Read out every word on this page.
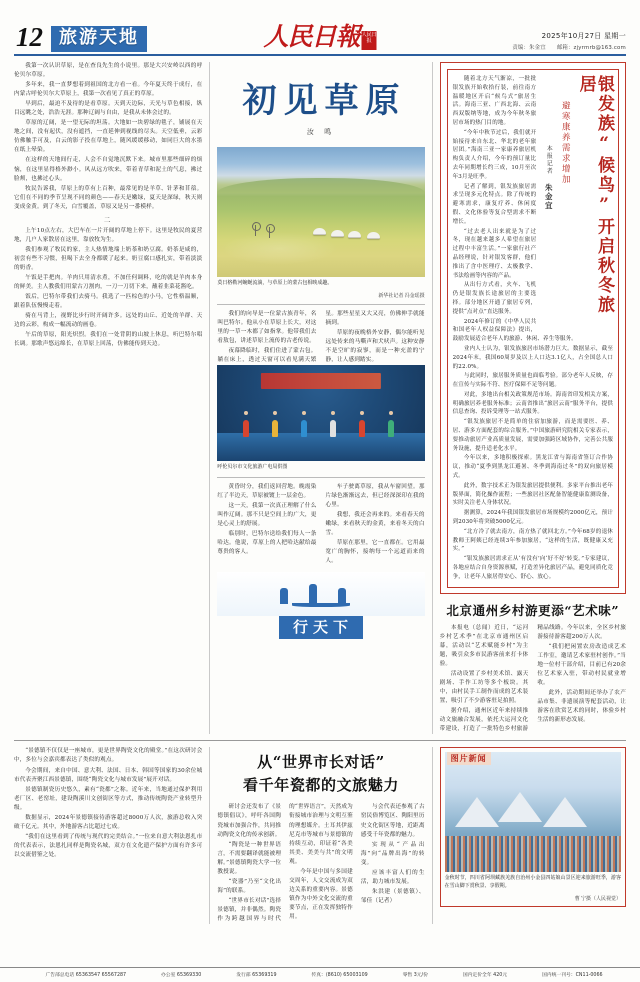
12 旅游天地	人民日報 人民日报
2025年10月27日 星期一
责编：朱金宜 邮箱：zjyrmrb@163.com

我第一次认识草原，是在查良先生的小说里。那是大兴安岭以西的呼伦贝尔草原。

多年来，我一直梦想着到祖国的北方看一看。今年夏天终于成行，在内蒙古呼伦贝尔大草原上，我第一次看见了真正的草原。

早到后，最迫不及待的是看草原。天到天边际，天光与草色相接，纵目远眺之处，浩浩无涯。那种辽阔与自由，是我从未体会过的。

草原的辽阔，是一望无际的坦荡。大地如一块碧绿的毯子，铺展在天地之间，没有起伏，没有遮挡，一直延伸到视线的尽头。天空低垂，云彩仿佛触手可及，白云的影子投在草地上，随风缓缓移动，如同巨大的水墨在纸上晕染。

在这样的天地间行走，人会不自觉地沉默下来。城市里那些细碎的烦恼，在这里显得格外渺小。风从远方吹来，带着青草和泥土的气息，拂过脸颊，也拂过心头。

牧民告诉我，草原上的草有上百种，最常见的是羊草、针茅和苜蓿。它们在不同的季节呈现不同的颜色——春天是嫩绿，夏天是深绿，秋天则变成金黄。到了冬天，白雪覆盖，草原又是另一番模样。

二

上午10点左右，大巴车在一片开阔的草地上停下。这里是牧民的夏营地，几户人家散居在这里，靠放牧为生。

我们参观了牧民的家，主人热情地端上奶茶和奶豆腐。奶茶是咸的，初尝有些不习惯，但喝下去全身都暖了起来。奶豆腐口感扎实，带着淡淡的奶香。

午饭是手把肉。羊肉只用清水煮，不加任何调料，吃的就是羊肉本身的鲜美。主人教我们用蒙古刀割肉，一刀一刀切下来，蘸着韭菜花酱吃。

饭后，巴特尔带我们去骑马。我选了一匹棕色的小马，它性格温顺，跟着队伍慢慢走着。

骑在马背上，视野比步行时开阔许多。远处的山丘、近处的羊群、天边的云彩，构成一幅流动的画卷。

午后的草原，阳光炽烈。我们在一处背阴的山坡上休息，听巴特尔唱长调。那歌声悠远绵长，在草原上回荡，仿佛能传到天边。

初见草原
汝 鸣
莫日格勒河蜿蜒流淌，与草原上的蒙古包相映成趣。
新华社记者 冯金瑶摄

我们的向导是一位蒙古族青年，名叫巴特尔。他从小在草原上长大，对这里的一草一木都了如指掌。他带我们去看敖包，讲述草原上流传的古老传说。

夜幕降临时，我们住进了蒙古包。躺在床上，透过天窗可以看见满天繁星。那些星星又大又亮，仿佛伸手就能摘到。

草原的夜晚格外安静，偶尔能听见远处传来的马嘶声和犬吠声。这种安静不是空旷的寂寥，而是一种充盈的宁静，让人感到踏实。

呼伦贝尔市文化旅游广电局供图

黄昏时分，我们返回营地。晚霞染红了半边天，草原被镀上一层金色。

这一天，我第一次真正理解了什么叫作辽阔。那不只是空间上的广大，更是心灵上的舒展。

临别时，巴特尔送给我们每人一条哈达。他说，草原上的人把哈达献给最尊贵的客人。

车子驶离草原，我从车窗回望。那片绿色渐渐远去，但已经深深印在我的心里。

我想，我还会再来的。来看春天的嫩绿，来看秋天的金黄，来看冬天的白雪。

草原在那里，它一直都在。它用最宽广的胸怀，接纳每一个远道而来的人。

行天下
银发族“候鸟”开启秋冬旅居
避寒康养需求增加
本报记者 朱金宜

随着北方天气渐凉，一批批银发族开始收拾行装，前往南方温暖地区开启“候鸟式”旅居生活。海南三亚、广西北海、云南西双版纳等地，成为今年秋冬旅居市场的热门目的地。

“今年中秋节过后，我们就开始接待来自东北、华北的老年旅居团。”海南三亚一家康养旅居机构负责人介绍，今年的预订量比去年同期增长约三成，10月至次年3月是旺季。

记者了解到，银发族旅居需求呈现多元化特点。除了传统的避寒需求，康复疗养、休闲度假、文化体验等复合型需求不断增长。

“过去老人出来就是为了过冬，现在越来越多人希望在旅居过程中丰富生活。”一家旅行社产品经理说，针对银发客群，他们推出了含中医理疗、太极教学、书法绘画等内容的产品。

从出行方式看，火车、飞机仍是银发族长途旅居的主要选择。部分地区开通了旅居专列，提供“点对点”直达服务。

2024年修订的《中华人民共和国老年人权益保障法》提出，鼓励发展适合老年人的旅游、休闲、养生等服务。

业内人士认为，银发族旅居市场潜力巨大。数据显示，截至2024年末，我国60周岁及以上人口达3.1亿人，占全国总人口的22.0%。

与此同时，旅居服务质量也面临考验。部分老年人反映，存在宣传与实际不符、医疗保障不足等问题。

对此，多地出台相关政策规范市场。海南省印发相关方案，明确旅居养老服务标准；云南省推出“旅居云南”服务平台，提供信息查询、投诉受理等一站式服务。

“银发族旅居不是简单的住宿加旅游，而是需要医、养、居、游多方面配套的综合服务。”中国旅游研究院相关专家表示，要推动旅居产业高质量发展，需要加强跨区域协作，完善公共服务设施，提升适老化水平。

今年以来，多地积极探索。黑龙江省与海南省签订合作协议，推动“夏季到黑龙江避暑、冬季到海南过冬”的双向旅居模式。

此外，数字技术正为银发旅居提供便利。多家平台推出老年版界面，简化操作流程；一些旅居社区配备智能健康监测设备，实时关注老人身体状况。

据测算，2024年我国银发旅居市场规模约2000亿元，预计到2030年将突破5000亿元。

“北方冷了就去南方，南方热了就回北方。”今年68岁的退休教师王阿姨已经连续3年参加旅居，“这样的生活，既健康又充实。”

“银发族旅居需求正从‘有没有’向‘好不好’转变。”专家建议，各地应结合自身资源禀赋，打造差异化旅居产品，避免同质化竞争，让老年人旅居得安心、舒心、放心。

北京通州乡村游更添“艺术味”

本报电（总闻）近日，“运河乡村艺术季”在北京市通州区启幕，活动以“艺术赋能乡村”为主题，吸引众多市民游客前来打卡体验。

活动设置了乡村美术馆、露天剧场、手作工坊等多个板块。其中，由村民手工制作而成的艺术装置，吸引了不少游客驻足拍照。

据介绍，通州区近年来持续推动文旅融合发展，依托大运河文化带建设，打造了一批特色乡村旅游精品线路。今年以来，全区乡村旅游接待游客超200万人次。

“我们把闲置农房改造成艺术工作室，邀请艺术家驻村创作。”当地一位村干部介绍，目前已有20余位艺术家入驻，带动村民就业增收。

此外，活动期间还举办了农产品市集、非遗展演等配套活动，让游客在欣赏艺术的同时，体验乡村生活的新形态发展。

“景德镇不仅仅是一座城市，更是世界陶瓷文化的殿堂。”在这次研讨会中，多位与会嘉宾都表达了类似的观点。

今会期间，来自中国、意大利、法国、日本、韩国等国家的30余位城市代表齐聚江西景德镇，围绕“陶瓷文化与城市发展”展开对话。

景德镇制瓷历史悠久，素有“瓷都”之称。近年来，当地通过保护利用老厂区、老窑址，建设陶溪川文创街区等方式，推动传统陶瓷产业转型升级。

数据显示，2024年景德镇接待游客超过8000万人次，旅游总收入突破千亿元。其中，外地游客占比超过七成。

“我们在这里看到了传统与现代的完美结合。”一位来自意大利法恩扎市的代表表示，法恩扎同样是陶瓷名城，双方在文化遗产保护方面有许多可以交流借鉴之处。

从“世界市长对话”
看千年瓷都的文旅魅力

研讨会还发布了《景德镇倡议》，呼吁各国陶瓷城市加强合作，共同推动陶瓷文化的传承创新。

“陶瓷是一种世界语言，不需要翻译就能被理解。”景德镇陶瓷大学一位教授说。

“瓷器”乃至“文化出海”的联系。

“世界市长对话”选择景德镇，并非偶然。陶瓷作为跨越国界与时代的“世界语言”，天然成为衔接城市治理与文明互鉴的理想媒介。土耳其伊兹尼克市等城市与景德镇的持续互动，印证着“各美其美、美美与共”的文明观。

今年是中国与多国建交周年，人文交流成为双边关系的重要内容。景德镇作为中外文化交流的重要节点，正在发挥独特作用。

与会代表还参观了古窑民俗博览区、陶阳里历史文化街区等地，近距离感受千年瓷都的魅力。

实现从“产品出海”向“品牌出海”的转变。

应该丰富人们的生活，助力城市发展。

朱洪建（景德镇）、邹佳（记者）

图片新闻
金秋时节，四川省阿坝藏族羌族自治州小金县四姑娘山景区迎来旅游旺季，游客在雪山脚下赏秋景、享假期。
曹 宁摄（人民视觉）
广告部总电话 65363547 65567287	办公室 65369330	发行部 65369319	传真：(8610) 65003109	零售 3元/份	国内定价全年 420元	国内统一刊号：CN11-0066
